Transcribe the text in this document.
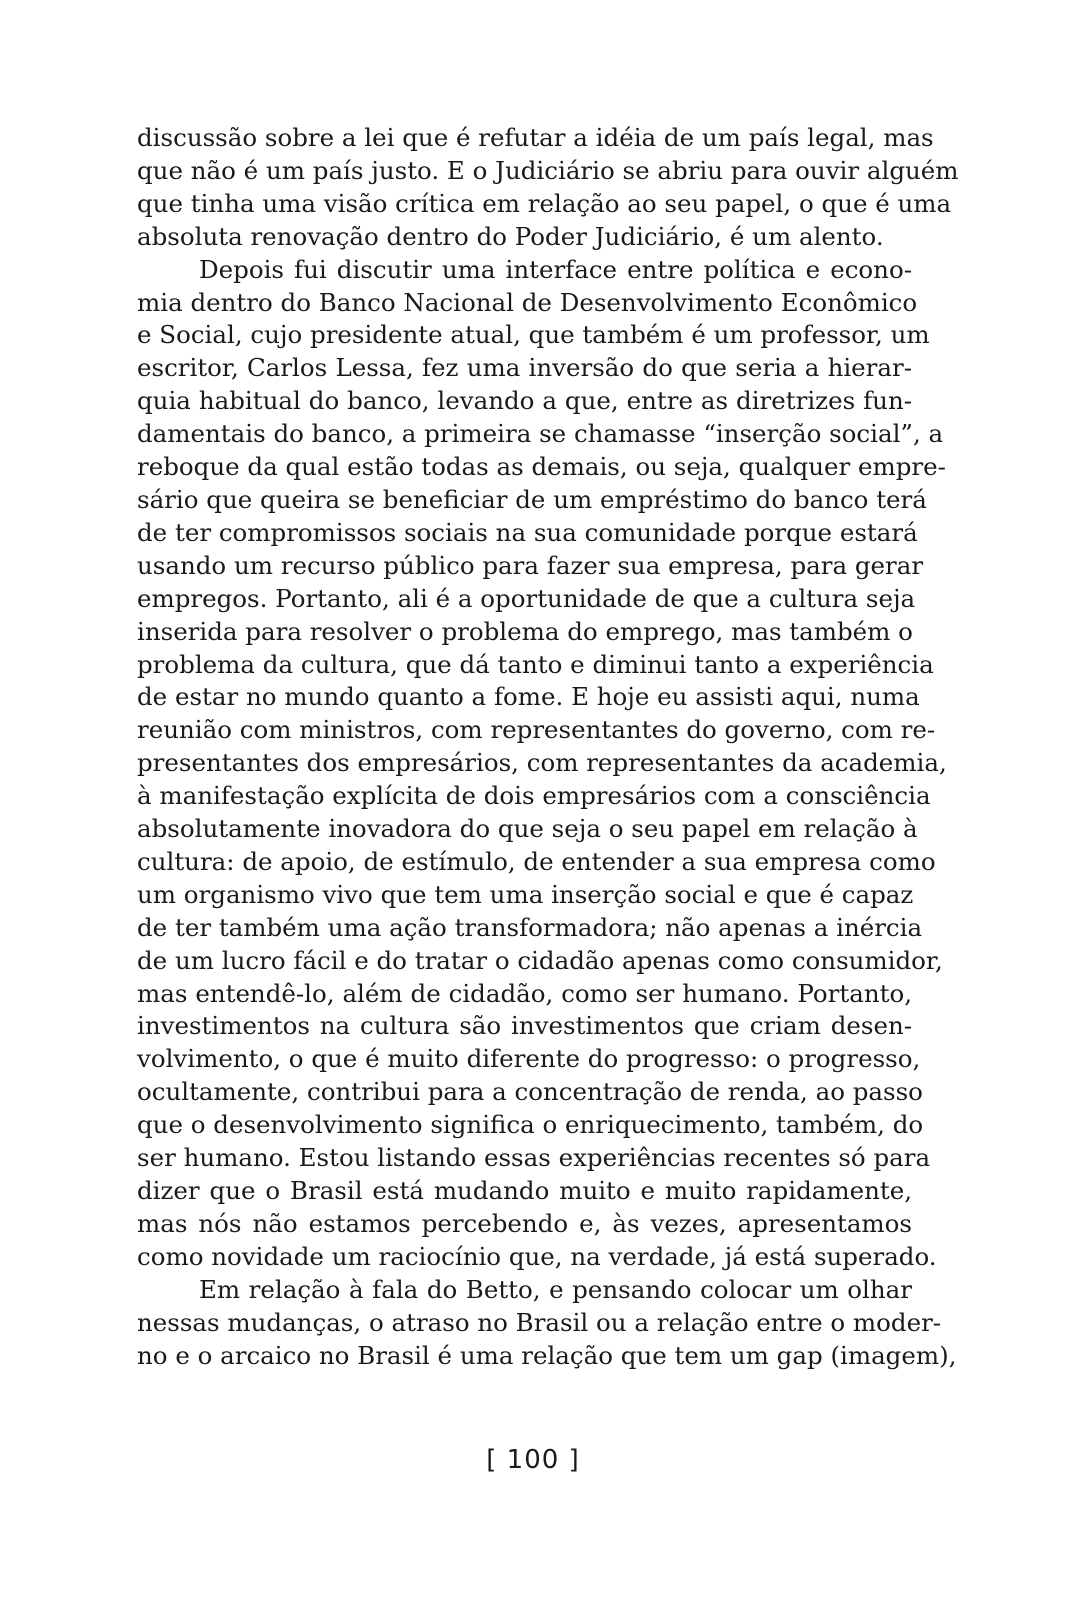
discussão sobre a lei que é refutar a idéia de um país legal, mas
que não é um país justo. E o Judiciário se abriu para ouvir alguém
que tinha uma visão crítica em relação ao seu papel, o que é uma
absoluta renovação dentro do Poder Judiciário, é um alento.
Depois fui discutir uma interface entre política e econo-
mia dentro do Banco Nacional de Desenvolvimento Econômico
e Social, cujo presidente atual, que também é um professor, um
escritor, Carlos Lessa, fez uma inversão do que seria a hierar-
quia habitual do banco, levando a que, entre as diretrizes fun-
damentais do banco, a primeira se chamasse “inserção social”, a
reboque da qual estão todas as demais, ou seja, qualquer empre-
sário que queira se beneficiar de um empréstimo do banco terá
de ter compromissos sociais na sua comunidade porque estará
usando um recurso público para fazer sua empresa, para gerar
empregos. Portanto, ali é a oportunidade de que a cultura seja
inserida para resolver o problema do emprego, mas também o
problema da cultura, que dá tanto e diminui tanto a experiência
de estar no mundo quanto a fome. E hoje eu assisti aqui, numa
reunião com ministros, com representantes do governo, com re-
presentantes dos empresários, com representantes da academia,
à manifestação explícita de dois empresários com a consciência
absolutamente inovadora do que seja o seu papel em relação à
cultura: de apoio, de estímulo, de entender a sua empresa como
um organismo vivo que tem uma inserção social e que é capaz
de ter também uma ação transformadora; não apenas a inércia
de um lucro fácil e do tratar o cidadão apenas como consumidor,
mas entendê-lo, além de cidadão, como ser humano. Portanto,
investimentos na cultura são investimentos que criam desen-
volvimento, o que é muito diferente do progresso: o progresso,
ocultamente, contribui para a concentração de renda, ao passo
que o desenvolvimento significa o enriquecimento, também, do
ser humano. Estou listando essas experiências recentes só para
dizer que o Brasil está mudando muito e muito rapidamente,
mas nós não estamos percebendo e, às vezes, apresentamos
como novidade um raciocínio que, na verdade, já está superado.
Em relação à fala do Betto, e pensando colocar um olhar
nessas mudanças, o atraso no Brasil ou a relação entre o moder-
no e o arcaico no Brasil é uma relação que tem um gap (imagem),
[ 100 ]
